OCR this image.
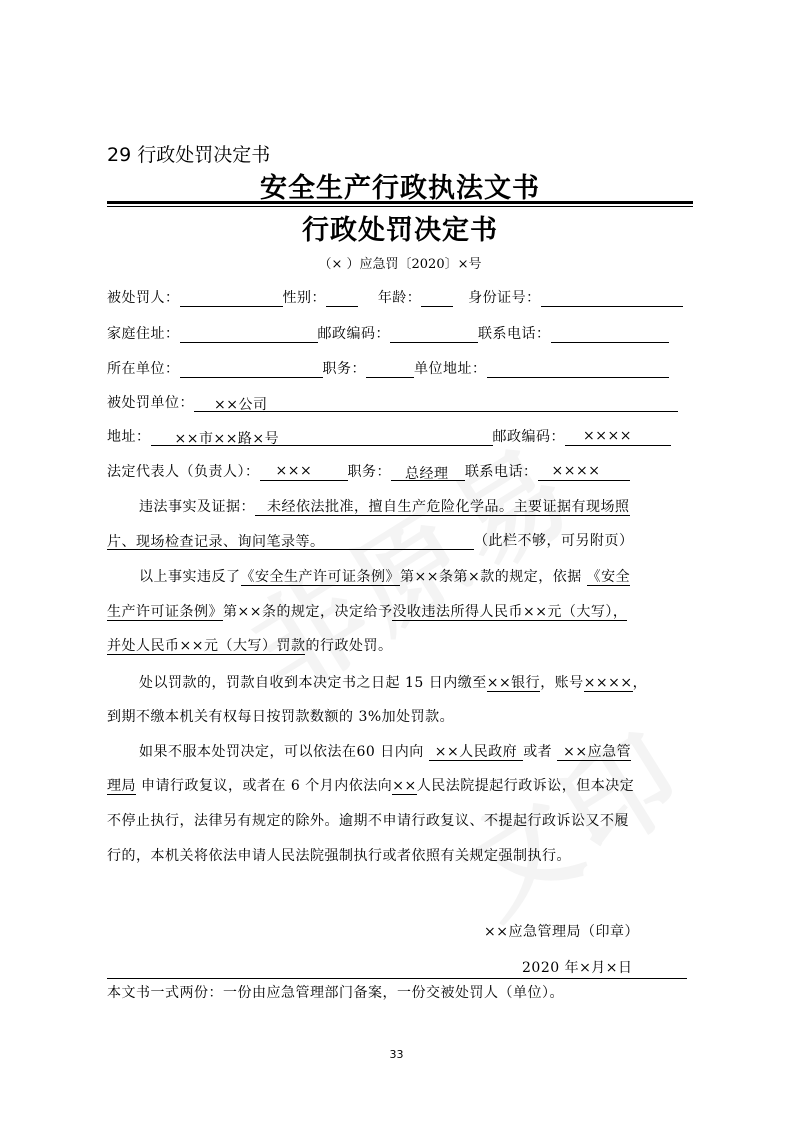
29 行政处罚决定书
安全生产行政执法文书
行政处罚决定书
（× ）应急罚〔2020〕×号
被处罚人：	性别：	年龄：	身份证号：
家庭住址：	邮政编码：	联系电话：
所在单位：	职务：	单位地址：
被处罚单位： ××公司
地址： ××市××路×号	邮政编码： ××××
法定代表人（负责人）： ×××	职务： 总经理 联系电话： ××××
违法事实及证据： 未经依法批准，擅自生产危险化学品。主要证据有现场照
片、现场检查记录、询问笔录等。	（此栏不够，可另附页）
以上事实违反了《安全生产许可证条例》第××条第×款的规定，依据 《安全
生产许可证条例》第××条的规定，决定给予没收违法所得人民币××元（大写），
并处人民币××元（大写）罚款的行政处罚。
处以罚款的，罚款自收到本决定书之日起 15 日内缴至××银行，账号××××，
到期不缴本机关有权每日按罚款数额的 3%加处罚款。
如果不服本处罚决定，可以依法在60 日内向 ××人民政府 或者 ××应急管
理局 申请行政复议，或者在 6 个月内依法向××人民法院提起行政诉讼，但本决定
不停止执行，法律另有规定的除外。逾期不申请行政复议、不提起行政诉讼又不履
行的，本机关将依法申请人民法院强制执行或者依照有关规定强制执行。
××应急管理局（印章）
2020 年×月×日
本文书一式两份：一份由应急管理部门备案，一份交被处罚人（单位）。
33
